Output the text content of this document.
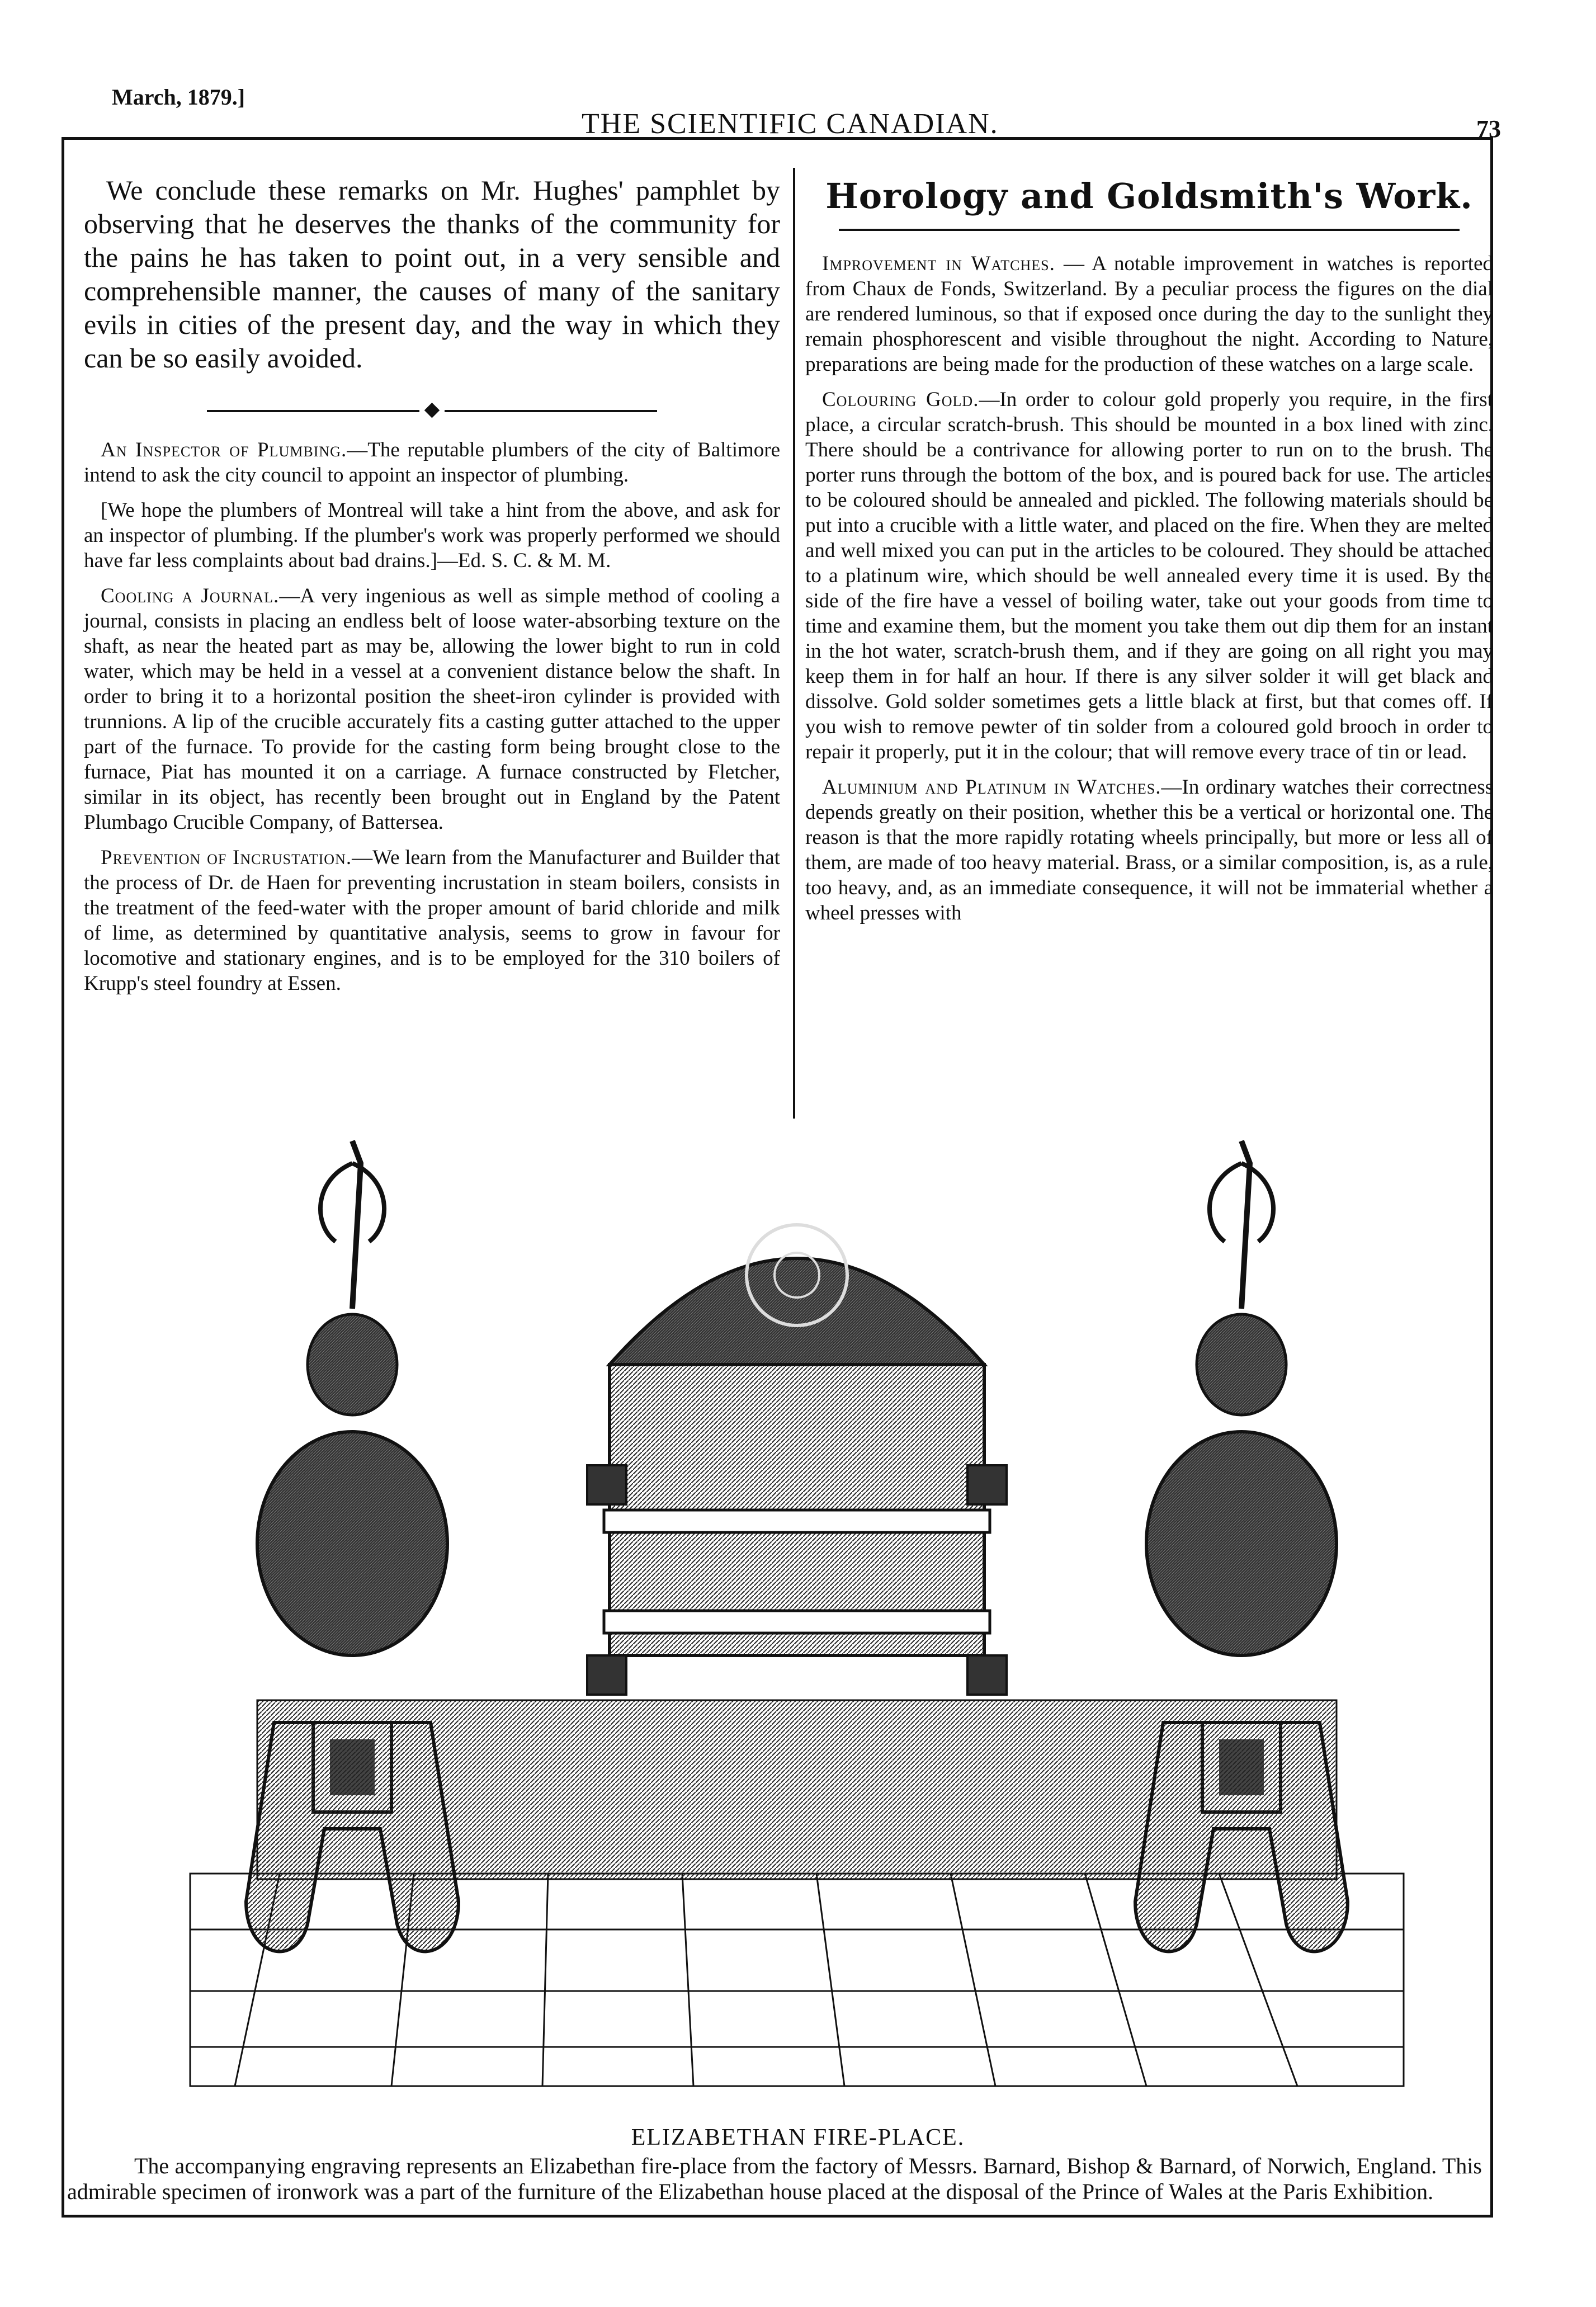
March, 1879.]
THE SCIENTIFIC CANADIAN.	73

We conclude these remarks on Mr. Hughes' pamphlet by observing that he deserves the thanks of the community for the pains he has taken to point out, in a very sensible and comprehensible manner, the causes of many of the sanitary evils in cities of the present day, and the way in which they can be so easily avoided.

◆

An Inspector of Plumbing.—The reputable plumbers of the city of Baltimore intend to ask the city council to appoint an inspector of plumbing.

[We hope the plumbers of Montreal will take a hint from the above, and ask for an inspector of plumbing. If the plumber's work was properly performed we should have far less complaints about bad drains.]—Ed. S. C. & M. M.

Cooling a Journal.—A very ingenious as well as simple method of cooling a journal, consists in placing an endless belt of loose water-absorbing texture on the shaft, as near the heated part as may be, allowing the lower bight to run in cold water, which may be held in a vessel at a convenient distance below the shaft. In order to bring it to a horizontal position the sheet-iron cylinder is provided with trunnions. A lip of the crucible accurately fits a casting gutter attached to the upper part of the furnace. To provide for the casting form being brought close to the furnace, Piat has mounted it on a carriage. A furnace constructed by Fletcher, similar in its object, has recently been brought out in England by the Patent Plumbago Crucible Company, of Battersea.

Prevention of Incrustation.—We learn from the Manufacturer and Builder that the process of Dr. de Haen for preventing incrustation in steam boilers, consists in the treatment of the feed-water with the proper amount of barid chloride and milk of lime, as determined by quantitative analysis, seems to grow in favour for locomotive and stationary engines, and is to be employed for the 310 boilers of Krupp's steel foundry at Essen.

Horology and Goldsmith's Work.

Improvement in Watches. — A notable improvement in watches is reported from Chaux de Fonds, Switzerland. By a peculiar process the figures on the dial are rendered luminous, so that if exposed once during the day to the sunlight they remain phosphorescent and visible throughout the night. According to Nature, preparations are being made for the production of these watches on a large scale.

Colouring Gold.—In order to colour gold properly you require, in the first place, a circular scratch-brush. This should be mounted in a box lined with zinc. There should be a contrivance for allowing porter to run on to the brush. The porter runs through the bottom of the box, and is poured back for use. The articles to be coloured should be annealed and pickled. The following materials should be put into a crucible with a little water, and placed on the fire. When they are melted and well mixed you can put in the articles to be coloured. They should be attached to a platinum wire, which should be well annealed every time it is used. By the side of the fire have a vessel of boiling water, take out your goods from time to time and examine them, but the moment you take them out dip them for an instant in the hot water, scratch-brush them, and if they are going on all right you may keep them in for half an hour. If there is any silver solder it will get black and dissolve. Gold solder sometimes gets a little black at first, but that comes off. If you wish to remove pewter of tin solder from a coloured gold brooch in order to repair it properly, put it in the colour; that will remove every trace of tin or lead.

Aluminium and Platinum in Watches.—In ordinary watches their correctness depends greatly on their position, whether this be a vertical or horizontal one. The reason is that the more rapidly rotating wheels principally, but more or less all of them, are made of too heavy material. Brass, or a similar composition, is, as a rule, too heavy, and, as an immediate consequence, it will not be immaterial whether a wheel presses with

ELIZABETHAN FIRE-PLACE.
The accompanying engraving represents an Elizabethan fire-place from the factory of Messrs. Barnard, Bishop & Barnard, of Norwich, England. This admirable specimen of ironwork was a part of the furniture of the Elizabethan house placed at the disposal of the Prince of Wales at the Paris Exhibition.
